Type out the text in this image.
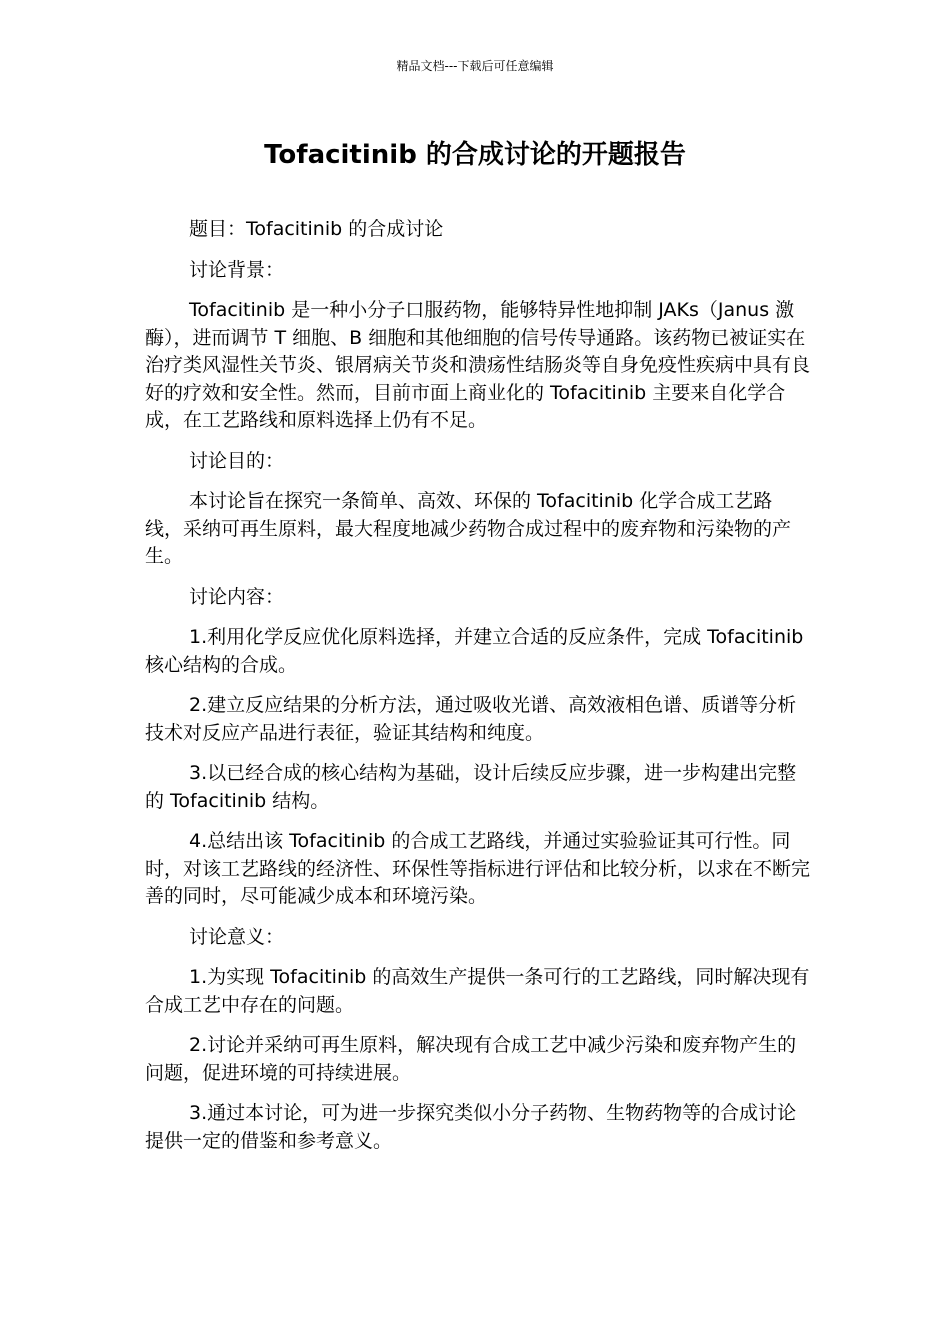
精品文档---下载后可任意编辑
Tofacitinib 的合成讨论的开题报告

题目：Tofacitinib 的合成讨论

讨论背景：

Tofacitinib 是一种小分子口服药物，能够特异性地抑制 JAKs（Janus 激酶），进而调节 T 细胞、B 细胞和其他细胞的信号传导通路。该药物已被证实在治疗类风湿性关节炎、银屑病关节炎和溃疡性结肠炎等自身免疫性疾病中具有良好的疗效和安全性。然而，目前市面上商业化的 Tofacitinib 主要来自化学合成，在工艺路线和原料选择上仍有不足。

讨论目的：

本讨论旨在探究一条简单、高效、环保的 Tofacitinib 化学合成工艺路线，采纳可再生原料，最大程度地减少药物合成过程中的废弃物和污染物的产生。

讨论内容：

1.利用化学反应优化原料选择，并建立合适的反应条件，完成 Tofacitinib 核心结构的合成。

2.建立反应结果的分析方法，通过吸收光谱、高效液相色谱、质谱等分析技术对反应产品进行表征，验证其结构和纯度。

3.以已经合成的核心结构为基础，设计后续反应步骤，进一步构建出完整的 Tofacitinib 结构。

4.总结出该 Tofacitinib 的合成工艺路线，并通过实验验证其可行性。同时，对该工艺路线的经济性、环保性等指标进行评估和比较分析，以求在不断完善的同时，尽可能减少成本和环境污染。

讨论意义：

1.为实现 Tofacitinib 的高效生产提供一条可行的工艺路线，同时解决现有合成工艺中存在的问题。

2.讨论并采纳可再生原料，解决现有合成工艺中减少污染和废弃物产生的问题，促进环境的可持续进展。

3.通过本讨论，可为进一步探究类似小分子药物、生物药物等的合成讨论提供一定的借鉴和参考意义。
